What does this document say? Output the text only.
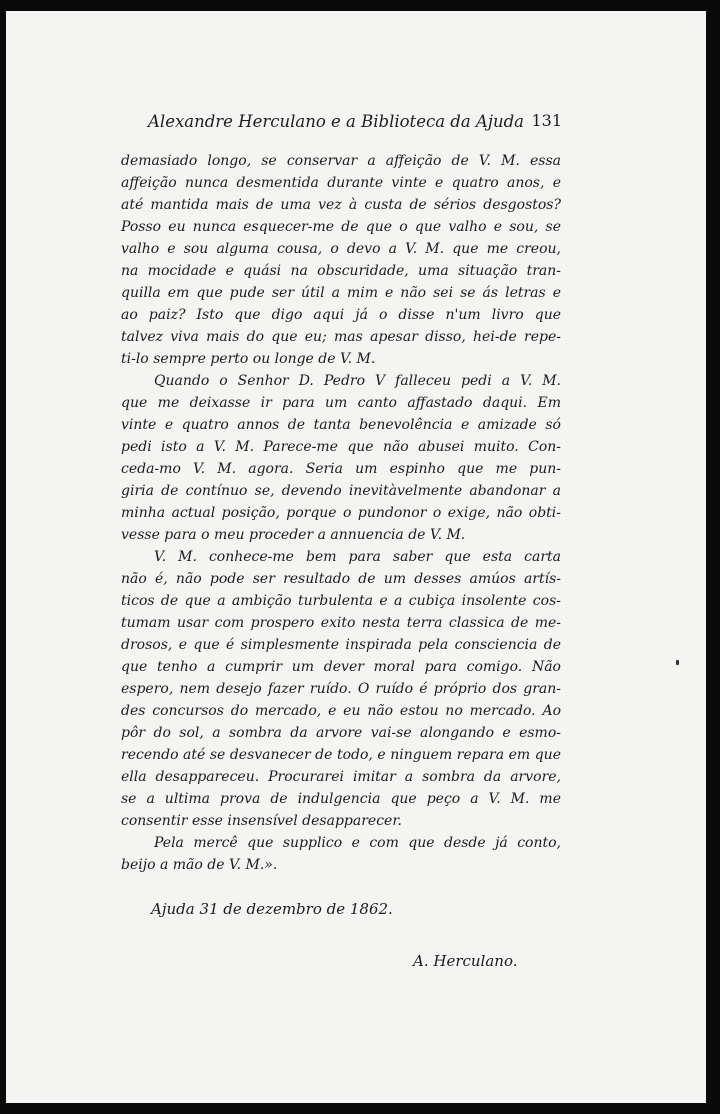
Alexandre Herculano e a Biblioteca da Ajuda 131
demasiado longo, se conservar a affeição de V. M. essa
affeição nunca desmentida durante vinte e quatro anos, e
até mantida mais de uma vez à custa de sérios desgostos?
Posso eu nunca esquecer-me de que o que valho e sou, se
valho e sou alguma cousa, o devo a V. M. que me creou,
na mocidade e quási na obscuridade, uma situação tran-
quilla em que pude ser útil a mim e não sei se ás letras e
ao paiz? Isto que digo aqui já o disse n'um livro que
talvez viva mais do que eu; mas apesar disso, hei-de repe-
ti-lo sempre perto ou longe de V. M.
Quando o Senhor D. Pedro V falleceu pedi a V. M.
que me deixasse ir para um canto affastado daqui. Em
vinte e quatro annos de tanta benevolência e amizade só
pedi isto a V. M. Parece-me que não abusei muito. Con-
ceda-mo V. M. agora. Seria um espinho que me pun-
giria de contínuo se, devendo inevitàvelmente abandonar a
minha actual posição, porque o pundonor o exige, não obti-
vesse para o meu proceder a annuencia de V. M.
V. M. conhece-me bem para saber que esta carta
não é, não pode ser resultado de um desses amúos artís-
ticos de que a ambição turbulenta e a cubiça insolente cos-
tumam usar com prospero exito nesta terra classica de me-
drosos, e que é simplesmente inspirada pela consciencia de
que tenho a cumprir um dever moral para comigo. Não
espero, nem desejo fazer ruído. O ruído é próprio dos gran-
des concursos do mercado, e eu não estou no mercado. Ao
pôr do sol, a sombra da arvore vai-se alongando e esmo-
recendo até se desvanecer de todo, e ninguem repara em que
ella desappareceu. Procurarei imitar a sombra da arvore,
se a ultima prova de indulgencia que peço a V. M. me
consentir esse insensível desapparecer.
Pela mercê que supplico e com que desde já conto,
beijo a mão de V. M.».
Ajuda 31 de dezembro de 1862.
A. Herculano.
